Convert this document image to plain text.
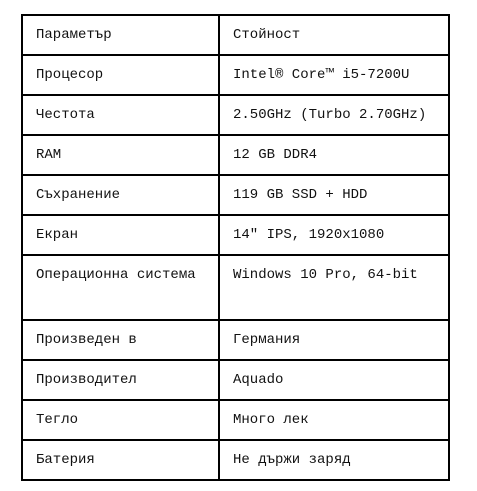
Параметър	Стойност
Процесор	Intel® Core™ i5-7200U
Честота	2.50GHz (Turbo 2.70GHz)
RAM	12 GB DDR4
Съхранение	119 GB SSD + HDD
Екран	14" IPS, 1920x1080
Операционна система	Windows 10 Pro, 64-bit
Произведен в	Германия
Производител	Aquado
Тегло	Много лек
Батерия	Не държи заряд
